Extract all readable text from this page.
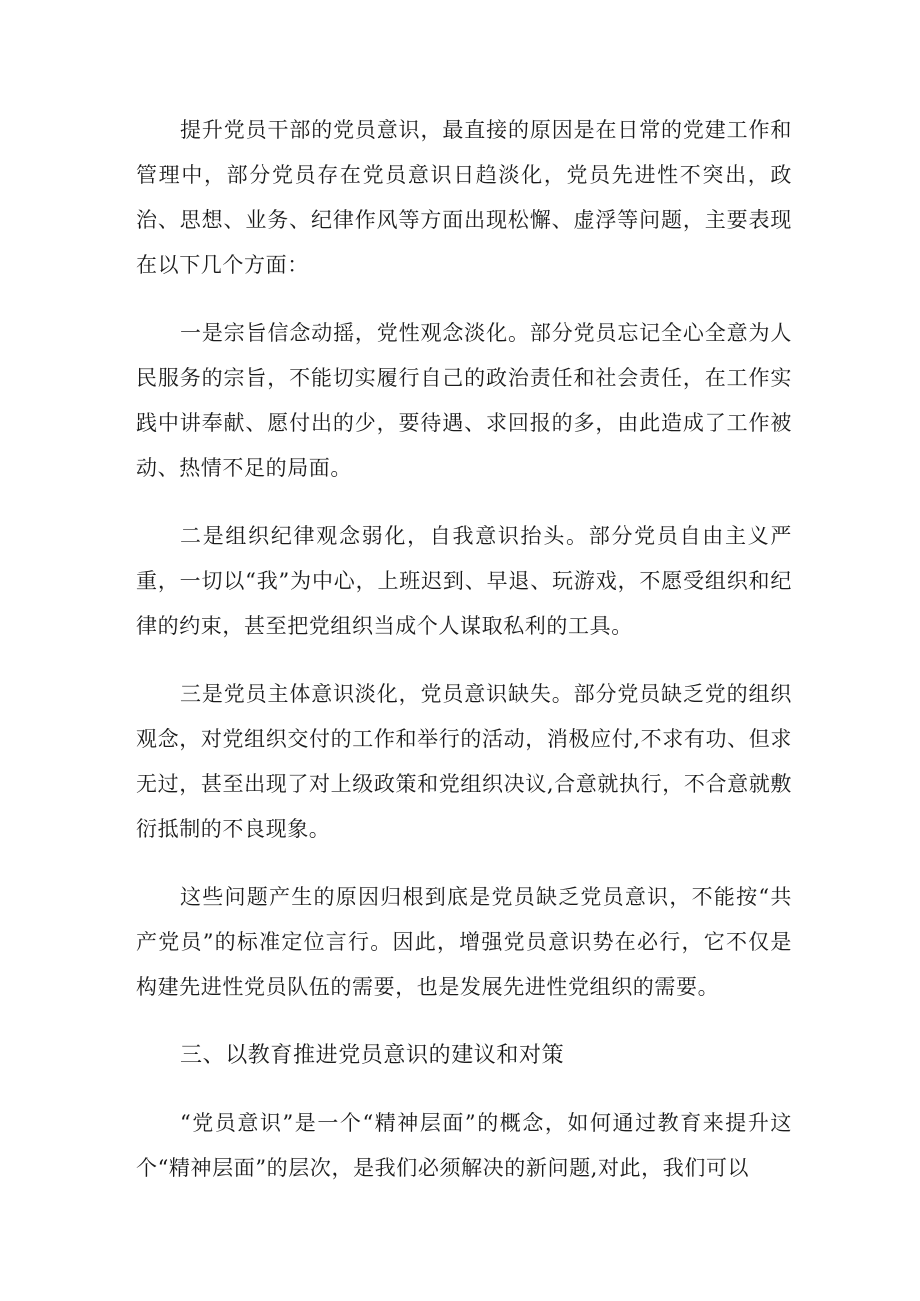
提升党员干部的党员意识，最直接的原因是在日常的党建工作和管理中，部分党员存在党员意识日趋淡化，党员先进性不突出，政治、思想、业务、纪律作风等方面出现松懈、虚浮等问题，主要表现在以下几个方面：

一是宗旨信念动摇，党性观念淡化。部分党员忘记全心全意为人民服务的宗旨，不能切实履行自己的政治责任和社会责任，在工作实践中讲奉献、愿付出的少，要待遇、求回报的多，由此造成了工作被动、热情不足的局面。

二是组织纪律观念弱化，自我意识抬头。部分党员自由主义严重，一切以“我”为中心，上班迟到、早退、玩游戏，不愿受组织和纪律的约束，甚至把党组织当成个人谋取私利的工具。

三是党员主体意识淡化，党员意识缺失。部分党员缺乏党的组织观念，对党组织交付的工作和举行的活动，消极应付,不求有功、但求无过，甚至出现了对上级政策和党组织决议,合意就执行，不合意就敷衍抵制的不良现象。

这些问题产生的原因归根到底是党员缺乏党员意识，不能按“共产党员”的标准定位言行。因此，增强党员意识势在必行，它不仅是构建先进性党员队伍的需要，也是发展先进性党组织的需要。

三、以教育推进党员意识的建议和对策

“党员意识”是一个“精神层面”的概念，如何通过教育来提升这个“精神层面”的层次，是我们必须解决的新问题,对此，我们可以
